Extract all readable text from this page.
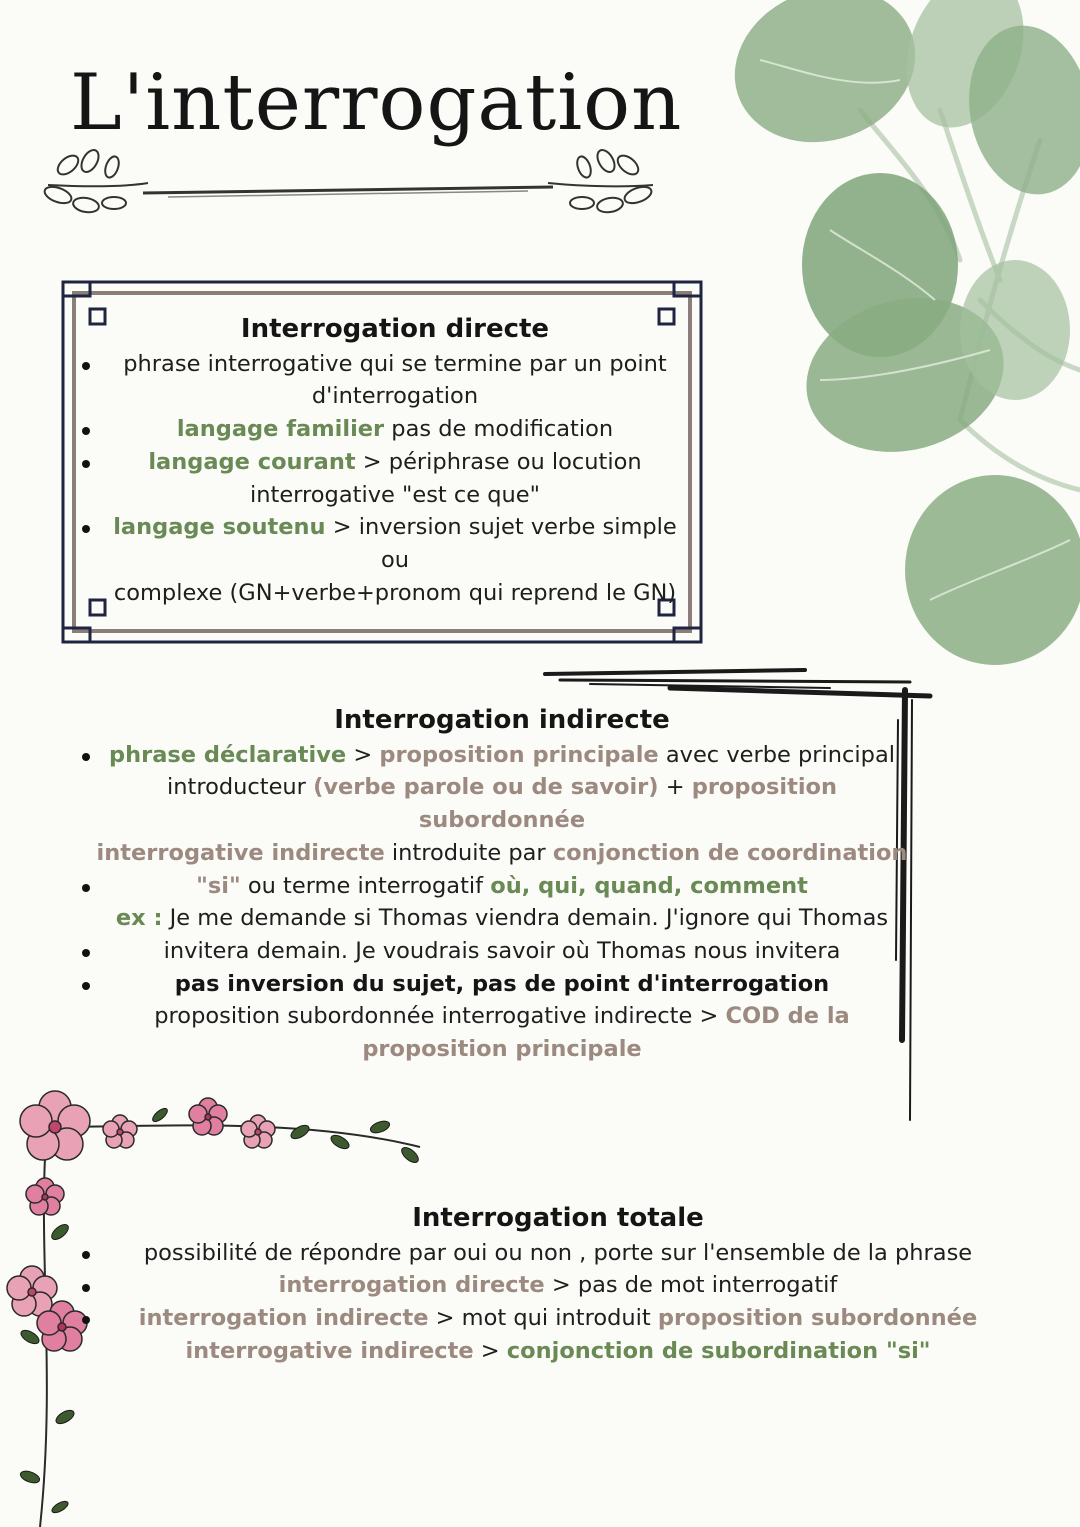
L'interrogation
Interrogation directe

phrase interrogative qui se termine par un point

d'interrogation

langage familier pas de modification

langage courant > périphrase ou locution

interrogative "est ce que"

langage soutenu > inversion sujet verbe simple ou

complexe (GN+verbe+pronom qui reprend le GN)

Interrogation indirecte

phrase déclarative > proposition principale avec verbe principal

introducteur (verbe parole ou de savoir) + proposition subordonnée

interrogative indirecte introduite par conjonction de coordination

"si" ou terme interrogatif où, qui, quand, comment

ex : Je me demande si Thomas viendra demain. J'ignore qui Thomas

invitera demain. Je voudrais savoir où Thomas nous invitera

pas inversion du sujet, pas de point d'interrogation

proposition subordonnée interrogative indirecte > COD de la

proposition principale

Interrogation totale

possibilité de répondre par oui ou non , porte sur l'ensemble de la phrase

interrogation directe > pas de mot interrogatif

interrogation indirecte > mot qui introduit proposition subordonnée

interrogative indirecte > conjonction de subordination "si"
